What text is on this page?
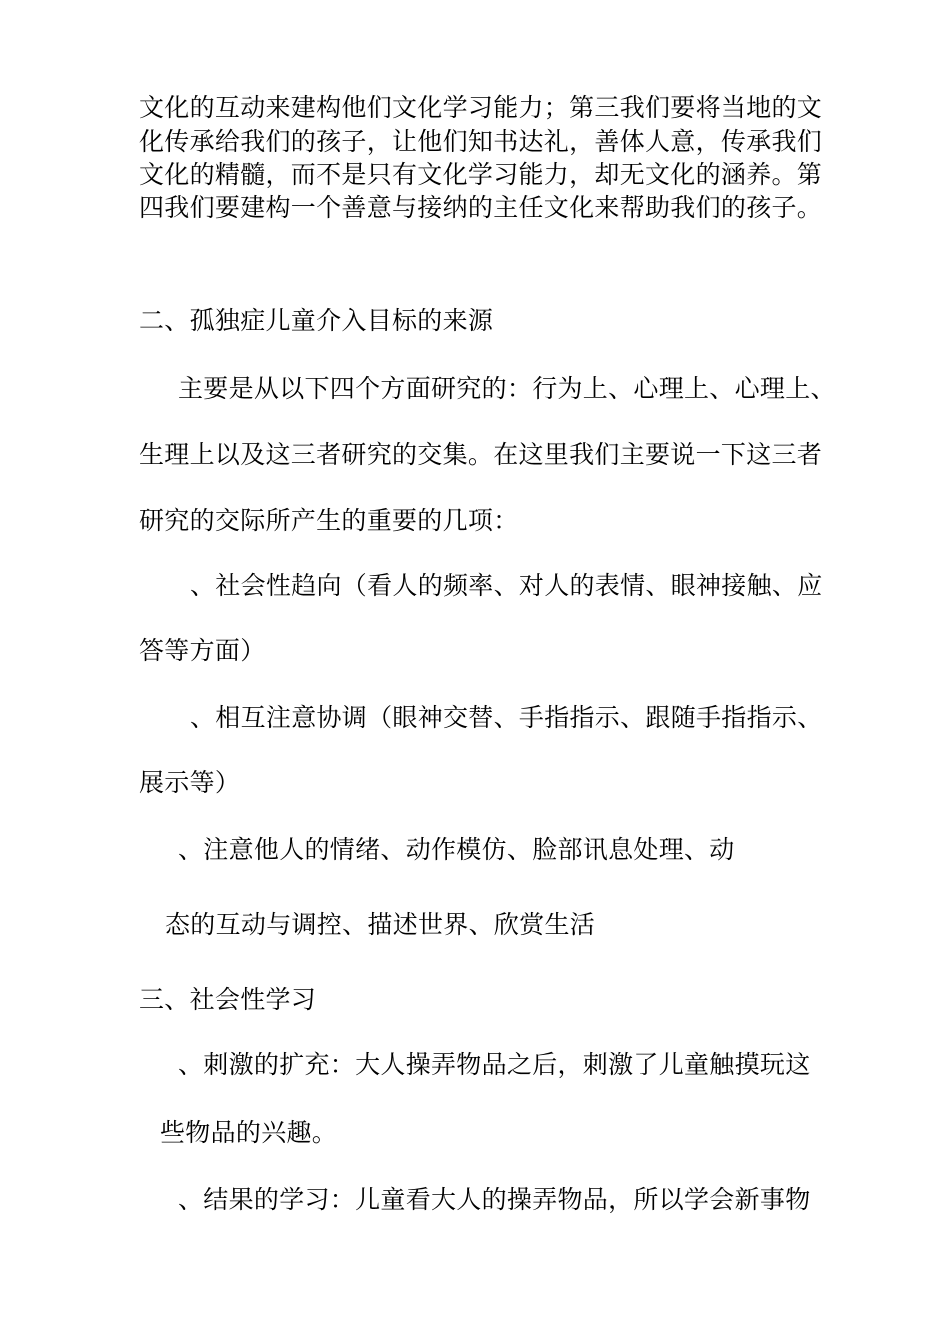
文化的互动来建构他们文化学习能力；第三我们要将当地的文
化传承给我们的孩子，让他们知书达礼，善体人意，传承我们
文化的精髓，而不是只有文化学习能力，却无文化的涵养。第
四我们要建构一个善意与接纳的主任文化来帮助我们的孩子。
二、孤独症儿童介入目标的来源
主要是从以下四个方面研究的：行为上、心理上、心理上、
生理上以及这三者研究的交集。在这里我们主要说一下这三者
研究的交际所产生的重要的几项：
、社会性趋向（看人的频率、对人的表情、眼神接触、应
答等方面）
、相互注意协调（眼神交替、手指指示、跟随手指指示、
展示等）
、注意他人的情绪、动作模仿、脸部讯息处理、动
态的互动与调控、描述世界、欣赏生活
三、社会性学习
、刺激的扩充：大人操弄物品之后，刺激了儿童触摸玩这
些物品的兴趣。
、结果的学习：儿童看大人的操弄物品，所以学会新事物
